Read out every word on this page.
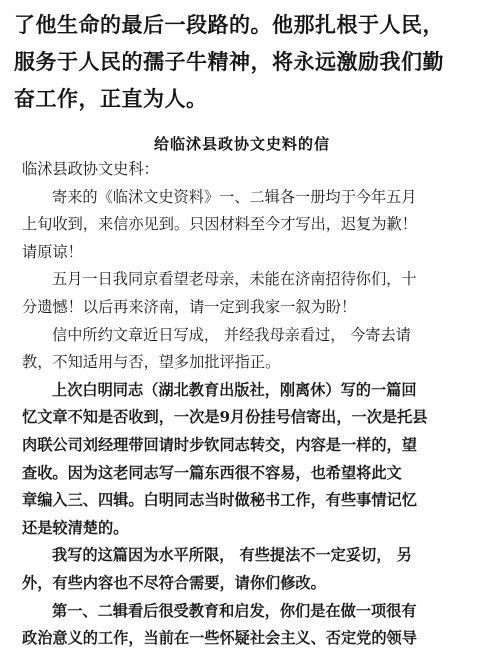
了他生命的最后一段路的。他那扎根于人民，
服务于人民的孺子牛精神，将永远激励我们勤
奋工作，正直为人。
给临沭县政协文史料的信
临沭县政协文史科：
寄来的《临沭文史资料》一、二辑各一册均于今年五月
上旬收到，来信亦见到。只因材料至今才写出，迟复为歉！
请原谅！
五月一日我同京看望老母亲，未能在济南招待你们，十
分遗憾！以后再来济南，请一定到我家一叙为盼！
信中所约文章近日写成， 并经我母亲看过， 今寄去请
教，不知适用与否，望多加批评指正。
上次白明同志（湖北教育出版社，刚离休）写的一篇回
忆文章不知是否收到，一次是9月份挂号信寄出，一次是托县
肉联公司刘经理带回请时步钦同志转交，内容是一样的，望
查收。因为这老同志写一篇东西很不容易，也希望将此文
章编入三、四辑。白明同志当时做秘书工作，有些事情记忆
还是较清楚的。
我写的这篇因为水平所限， 有些提法不一定妥切， 另
外，有些内容也不尽符合需要，请你们修改。
第一、二辑看后很受教育和启发，你们是在做一项很有
政治意义的工作，当前在一些怀疑社会主义、否定党的领导
